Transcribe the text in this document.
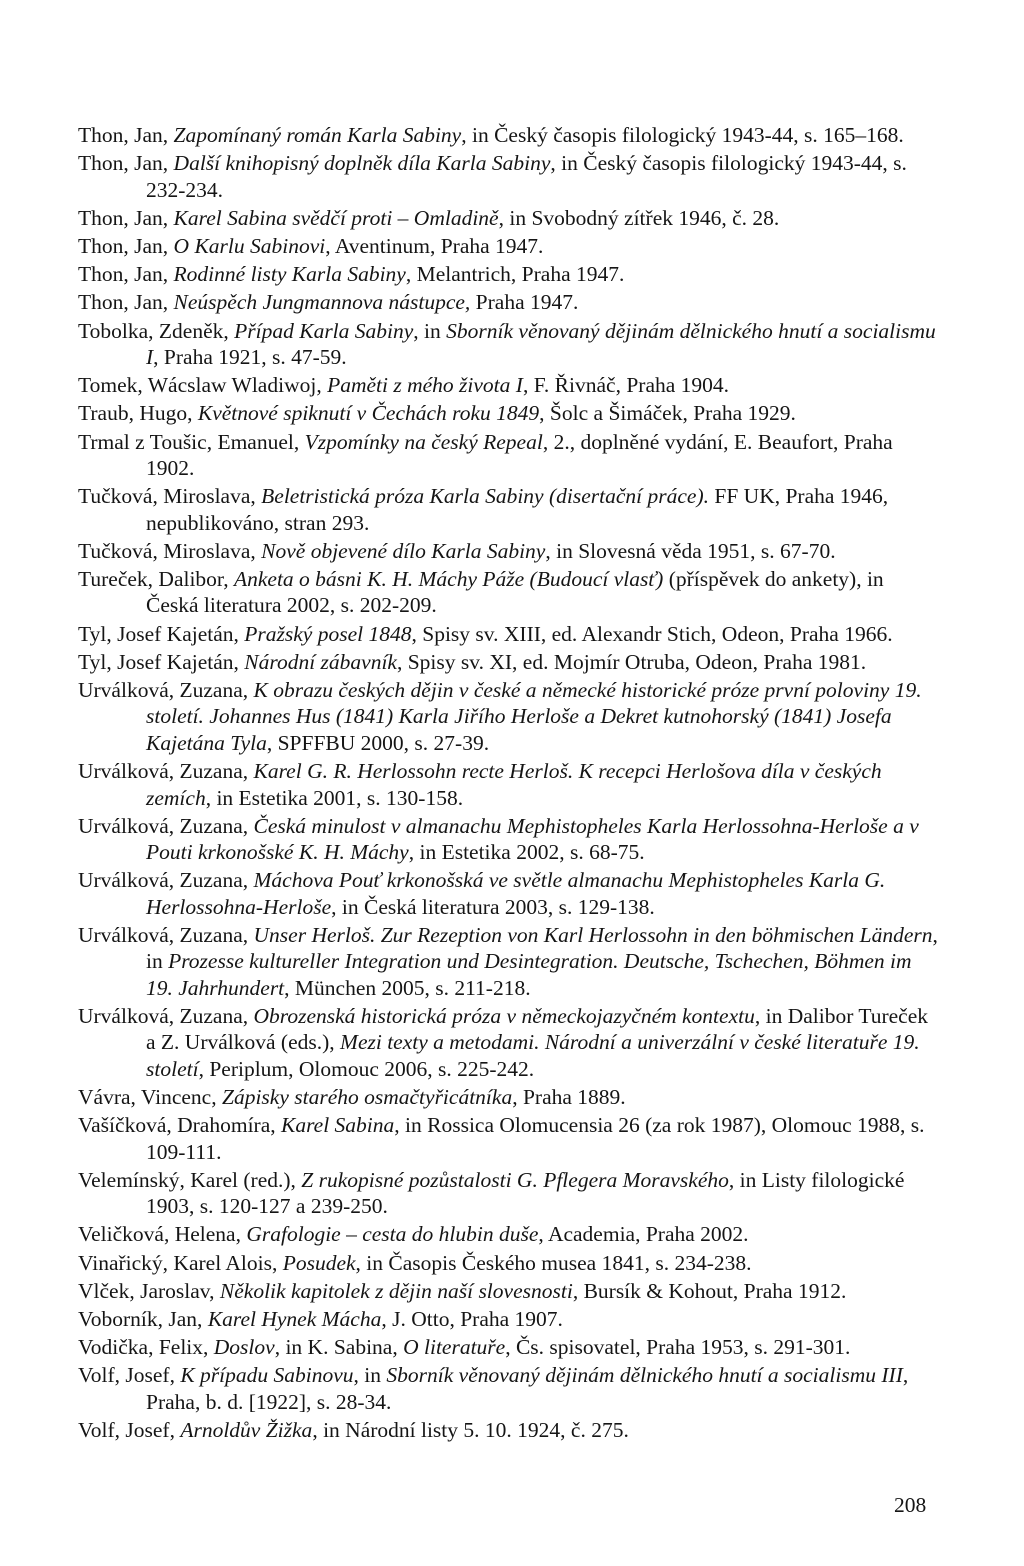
Thon, Jan, Zapomínaný román Karla Sabiny, in Český časopis filologický 1943-44, s. 165–168.
Thon, Jan, Další knihopisný doplněk díla Karla Sabiny, in Český časopis filologický 1943-44, s. 232-234.
Thon, Jan, Karel Sabina svědčí proti – Omladině, in Svobodný zítřek 1946, č. 28.
Thon, Jan, O Karlu Sabinovi, Aventinum, Praha 1947.
Thon, Jan, Rodinné listy Karla Sabiny, Melantrich, Praha 1947.
Thon, Jan, Neúspěch Jungmannova nástupce, Praha 1947.
Tobolka, Zdeněk, Případ Karla Sabiny, in Sborník věnovaný dějinám dělnického hnutí a socialismu I, Praha 1921, s. 47-59.
Tomek, Wácslaw Wladiwoj, Paměti z mého života I, F. Řivnáč, Praha 1904.
Traub, Hugo, Květnové spiknutí v Čechách roku 1849, Šolc a Šimáček, Praha 1929.
Trmal z Toušic, Emanuel, Vzpomínky na český Repeal, 2., doplněné vydání, E. Beaufort, Praha 1902.
Tučková, Miroslava, Beletristická próza Karla Sabiny (disertační práce). FF UK, Praha 1946, nepublikováno, stran 293.
Tučková, Miroslava, Nově objevené dílo Karla Sabiny, in Slovesná věda 1951, s. 67-70.
Tureček, Dalibor, Anketa o básni K. H. Máchy Páže (Budoucí vlasť) (příspěvek do ankety), in Česká literatura 2002, s. 202-209.
Tyl, Josef Kajetán, Pražský posel 1848, Spisy sv. XIII, ed. Alexandr Stich, Odeon, Praha 1966.
Tyl, Josef Kajetán, Národní zábavník, Spisy sv. XI, ed. Mojmír Otruba, Odeon, Praha 1981.
Urválková, Zuzana, K obrazu českých dějin v české a německé historické próze první poloviny 19. století. Johannes Hus (1841) Karla Jiřího Herloše a Dekret kutnohorský (1841) Josefa Kajetána Tyla, SPFFBU 2000, s. 27-39.
Urválková, Zuzana, Karel G. R. Herlossohn recte Herloš. K recepci Herlošova díla v českých zemích, in Estetika 2001, s. 130-158.
Urválková, Zuzana, Česká minulost v almanachu Mephistopheles Karla Herlossohna-Herloše a v Pouti krkonošské K. H. Máchy, in Estetika 2002, s. 68-75.
Urválková, Zuzana, Máchova Pouť krkonošská ve světle almanachu Mephistopheles Karla G. Herlossohna-Herloše, in Česká literatura 2003, s. 129-138.
Urválková, Zuzana, Unser Herloš. Zur Rezeption von Karl Herlossohn in den böhmischen Ländern, in Prozesse kultureller Integration und Desintegration. Deutsche, Tschechen, Böhmen im 19. Jahrhundert, München 2005, s. 211-218.
Urválková, Zuzana, Obrozenská historická próza v německojazyčném kontextu, in Dalibor Tureček a Z. Urválková (eds.), Mezi texty a metodami. Národní a univerzální v české literatuře 19. století, Periplum, Olomouc 2006, s. 225-242.
Vávra, Vincenc, Zápisky starého osmačtyřicátníka, Praha 1889.
Vašíčková, Drahomíra, Karel Sabina, in Rossica Olomucensia 26 (za rok 1987), Olomouc 1988, s. 109-111.
Velemínský, Karel (red.), Z rukopisné pozůstalosti G. Pflegera Moravského, in Listy filologické 1903, s. 120-127 a 239-250.
Veličková, Helena, Grafologie – cesta do hlubin duše, Academia, Praha 2002.
Vinařický, Karel Alois, Posudek, in Časopis Českého musea 1841, s. 234-238.
Vlček, Jaroslav, Několik kapitolek z dějin naší slovesnosti, Bursík & Kohout, Praha 1912.
Voborník, Jan, Karel Hynek Mácha, J. Otto, Praha 1907.
Vodička, Felix, Doslov, in K. Sabina, O literatuře, Čs. spisovatel, Praha 1953, s. 291-301.
Volf, Josef, K případu Sabinovu, in Sborník věnovaný dějinám dělnického hnutí a socialismu III, Praha, b. d. [1922], s. 28-34.
Volf, Josef, Arnoldův Žižka, in Národní listy 5. 10. 1924, č. 275.
208
